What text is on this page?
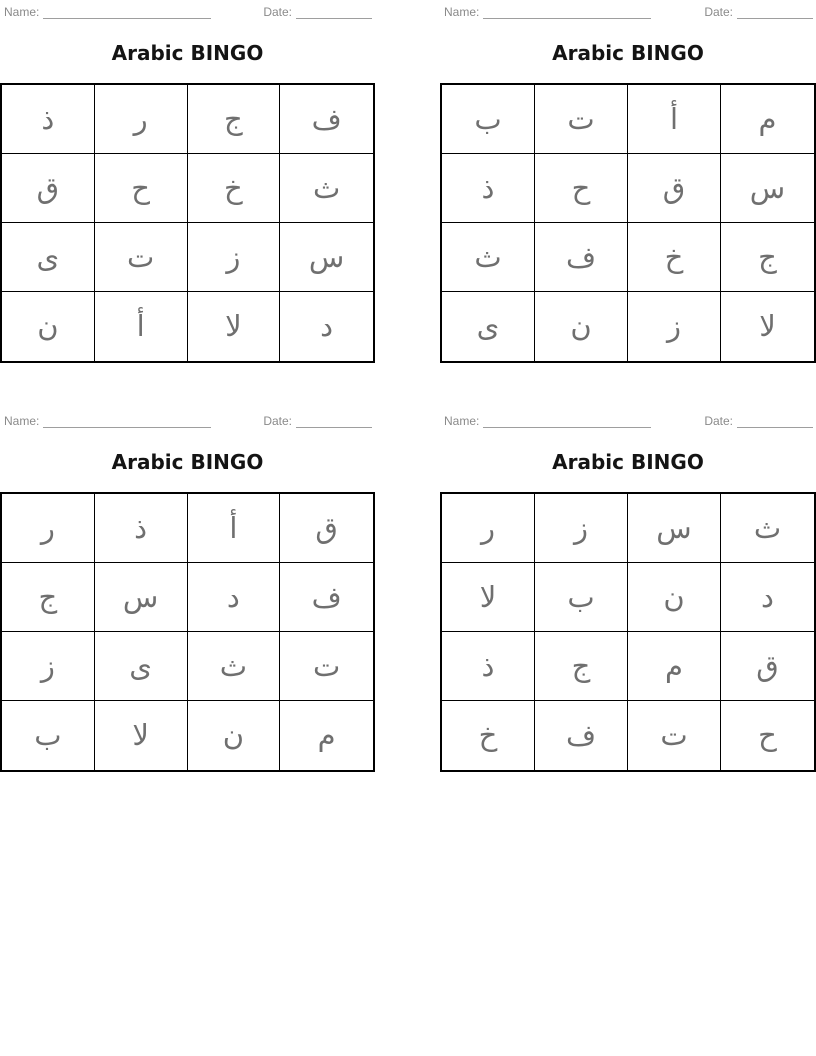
Name:	Date:
Arabic BINGO
ذ	ر	ج	ف
ق	ح	خ	ث
ى	ت	ز	س
ن	أ	لا	د
Name:	Date:
Arabic BINGO
ب	ت	أ	م
ذ	ح	ق	س
ث	ف	خ	ج
ى	ن	ز	لا
Name:	Date:
Arabic BINGO
ر	ذ	أ	ق
ج	س	د	ف
ز	ى	ث	ت
ب	لا	ن	م
Name:	Date:
Arabic BINGO
ر	ز	س	ث
لا	ب	ن	د
ذ	ج	م	ق
خ	ف	ت	ح
